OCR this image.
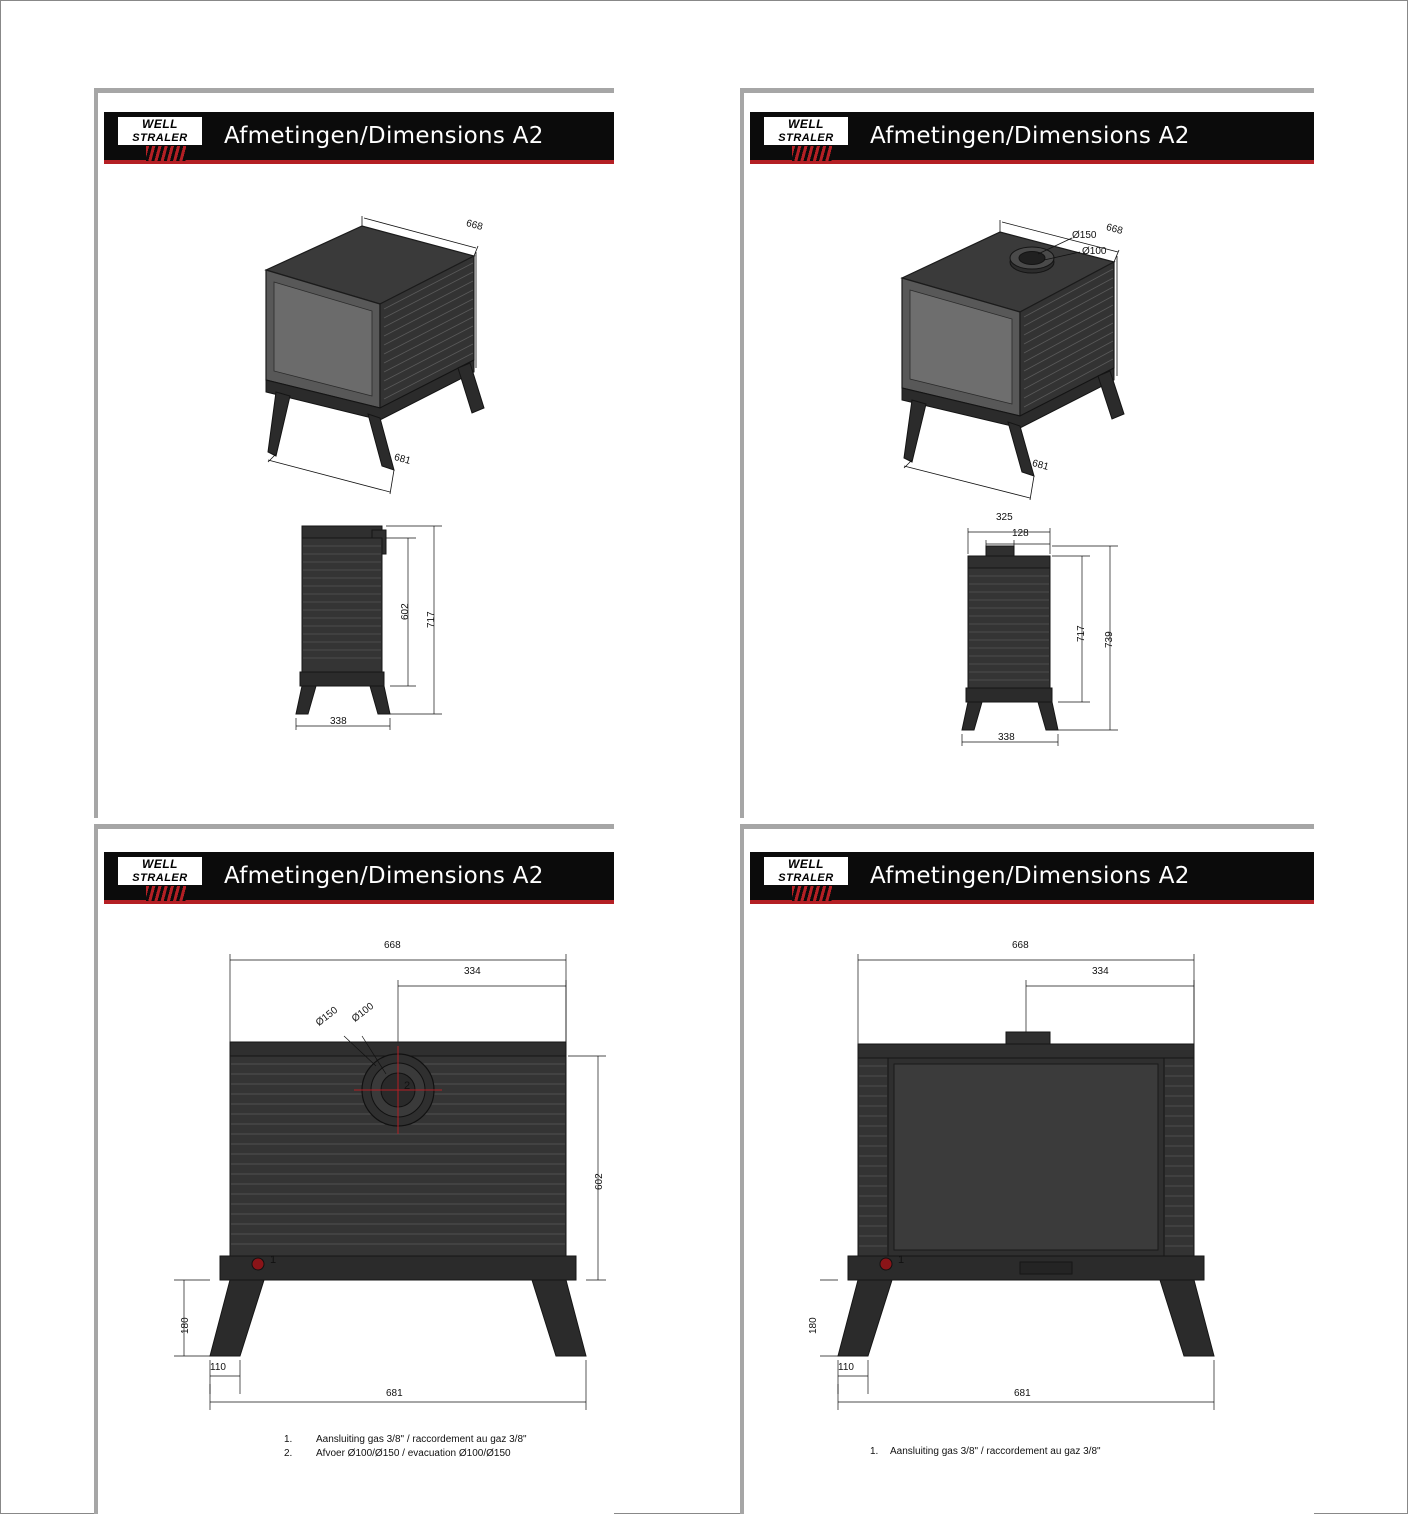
WELL
STRALER	Afmetingen/Dimensions A2 REAR
668
681
602 717
338
WELL
STRALER	Afmetingen/Dimensions A2
668
681
Ø150
Ø100
325
128
717 739
338
WELL
STRALER	Afmetingen/Dimensions A2 REAR
668
334
Ø150 Ø100
602
180
110
681
1
2
1. Aansluiting gas 3/8" / raccordement au gaz 3/8"
2. Afvoer Ø100/Ø150 / evacuation Ø100/Ø150
WELL
STRALER	Afmetingen/Dimensions A2
668
334
180
110
681
1
1. Aansluiting gas 3/8" / raccordement au gaz 3/8"
